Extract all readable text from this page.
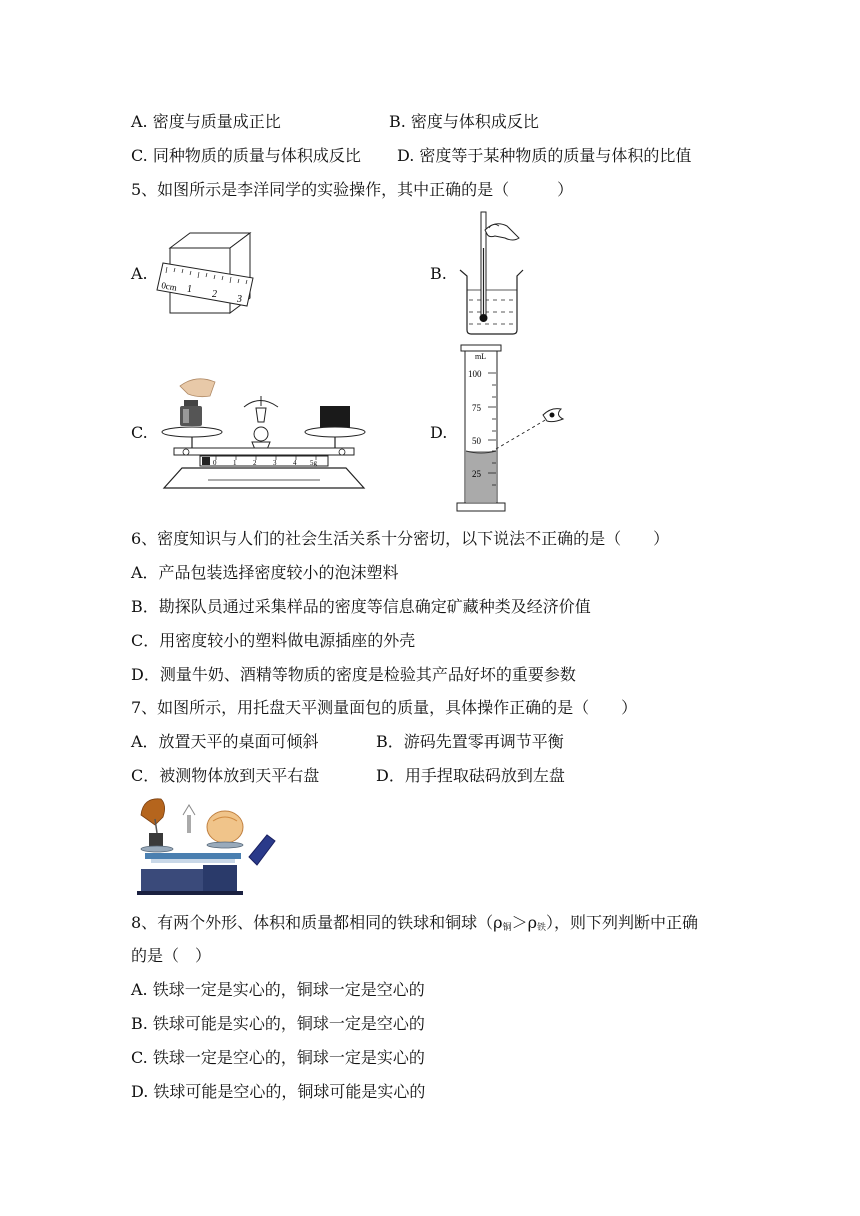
A. 密度与质量成正比	B. 密度与体积成反比
C. 同种物质的质量与体积成反比 D. 密度等于某种物质的质量与体积的比值
5、如图所示是李洋同学的实验操作，其中正确的是（　　　）
A.	B.
C.	D.
0cm 1 2 3
0 1 2 3 4 5g
mL
100
75
50
25
6、密度知识与人们的社会生活关系十分密切，以下说法不正确的是（　　）
A．产品包装选择密度较小的泡沫塑料
B．勘探队员通过采集样品的密度等信息确定矿藏种类及经济价值
C．用密度较小的塑料做电源插座的外壳
D．测量牛奶、酒精等物质的密度是检验其产品好坏的重要参数
7、如图所示，用托盘天平测量面包的质量，具体操作正确的是（　　）
A．放置天平的桌面可倾斜	B．游码先置零再调节平衡
C．被测物体放到天平右盘	D．用手捏取砝码放到左盘
8、有两个外形、体积和质量都相同的铁球和铜球$(\rho_铜>\rho_铁)$，则下列判断中正确
的是（　）
A. 铁球一定是实心的，铜球一定是空心的
B. 铁球可能是实心的，铜球一定是空心的
C. 铁球一定是空心的，铜球一定是实心的
D. 铁球可能是空心的，铜球可能是实心的
